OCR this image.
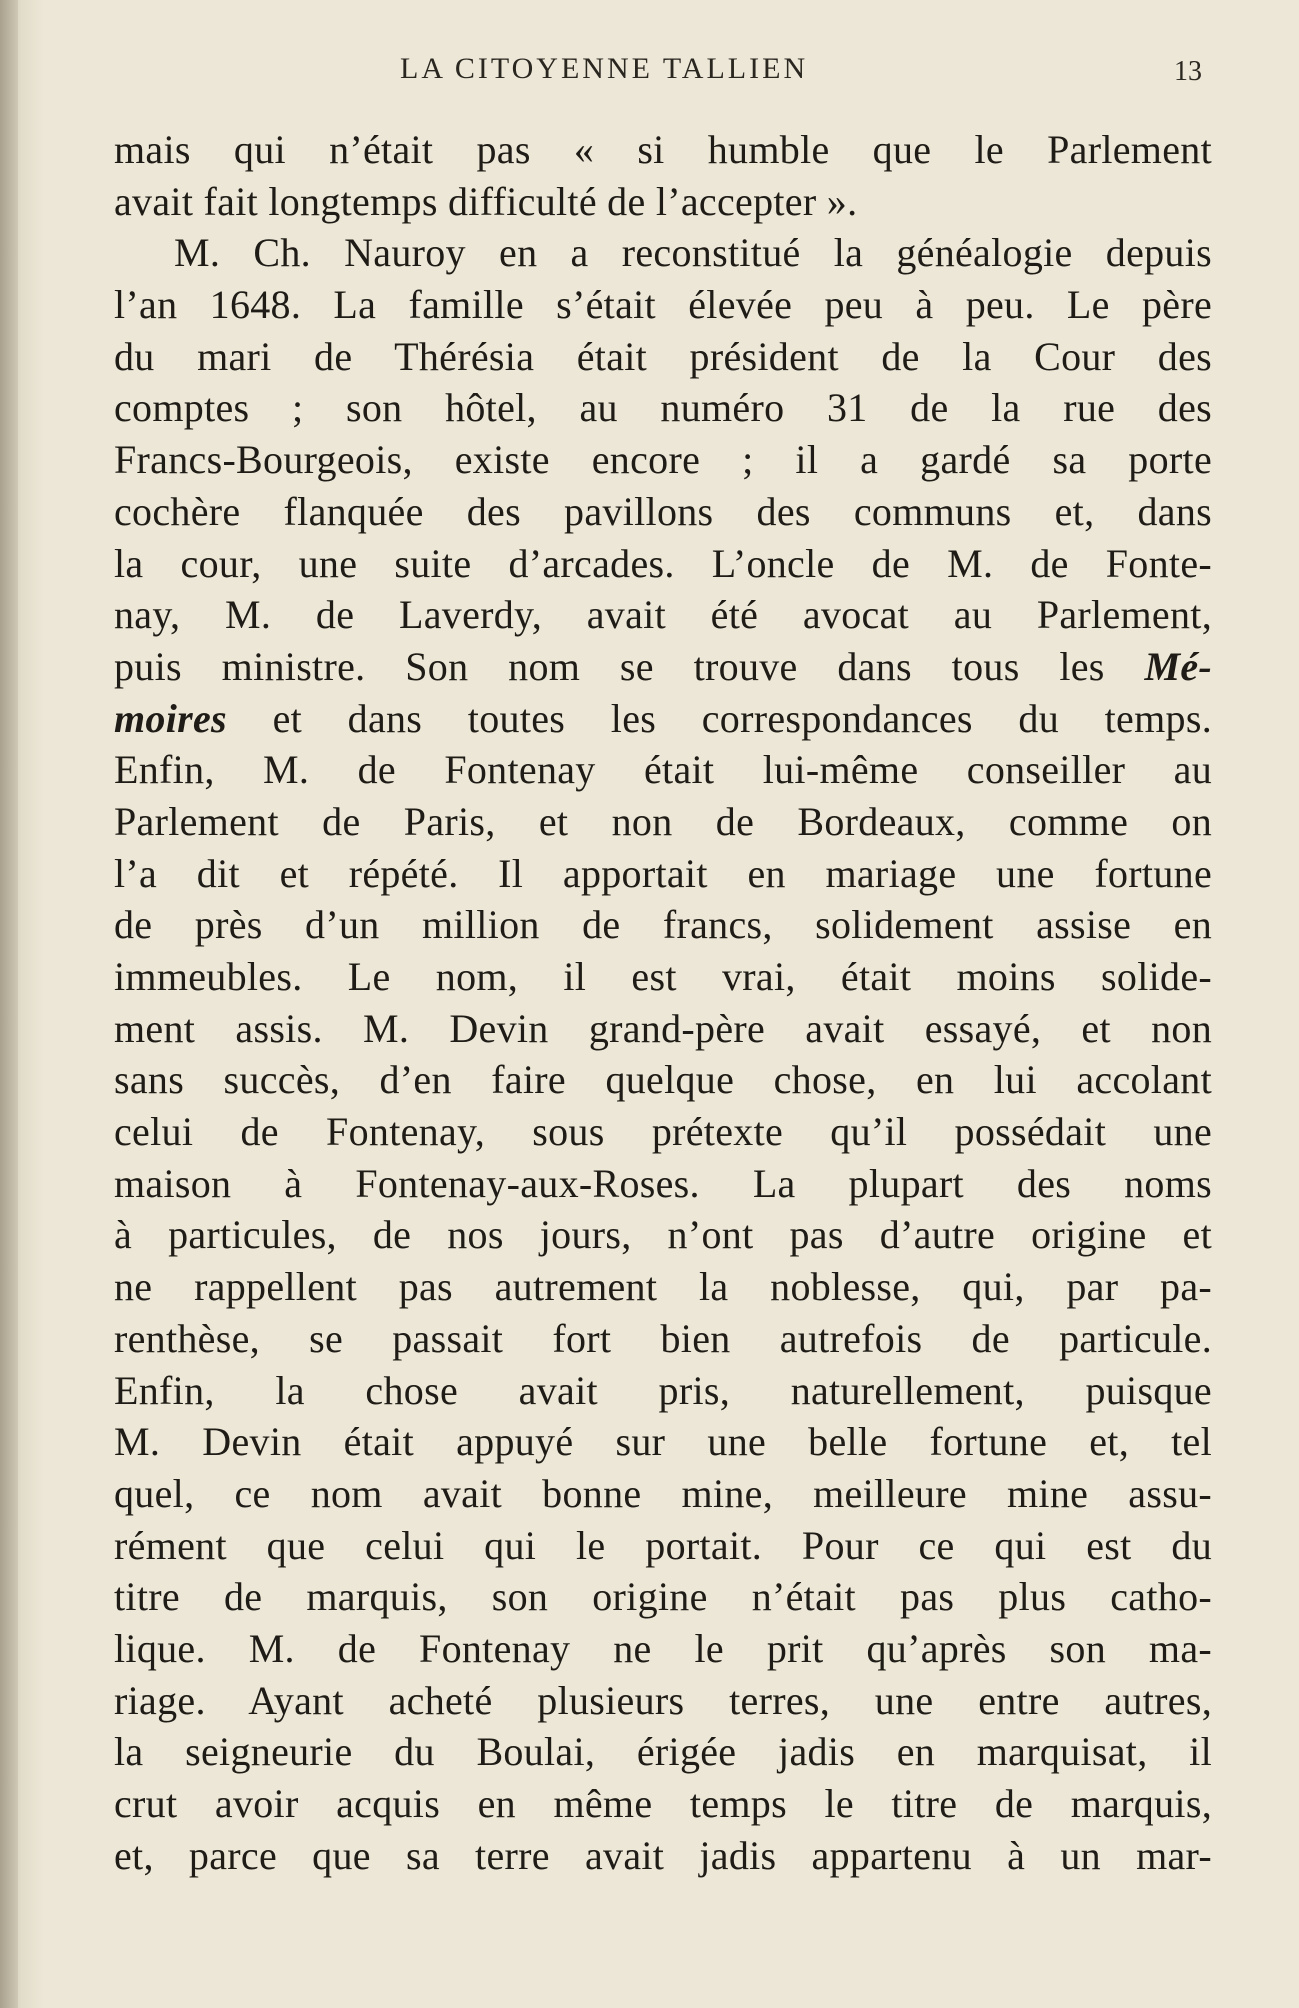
LA CITOYENNE TALLIEN	13
mais qui n’était pas « si humble que le Parlement
avait fait longtemps difficulté de l’accepter ».
M. Ch. Nauroy en a reconstitué la généalogie depuis
l’an 1648. La famille s’était élevée peu à peu. Le père
du mari de Thérésia était président de la Cour des
comptes ; son hôtel, au numéro 31 de la rue des
Francs-Bourgeois, existe encore ; il a gardé sa porte
cochère flanquée des pavillons des communs et, dans
la cour, une suite d’arcades. L’oncle de M. de Fonte-
nay, M. de Laverdy, avait été avocat au Parlement,
puis ministre. Son nom se trouve dans tous les Mé-
moires et dans toutes les correspondances du temps.
Enfin, M. de Fontenay était lui-même conseiller au
Parlement de Paris, et non de Bordeaux, comme on
l’a dit et répété. Il apportait en mariage une fortune
de près d’un million de francs, solidement assise en
immeubles. Le nom, il est vrai, était moins solide-
ment assis. M. Devin grand-père avait essayé, et non
sans succès, d’en faire quelque chose, en lui accolant
celui de Fontenay, sous prétexte qu’il possédait une
maison à Fontenay-aux-Roses. La plupart des noms
à particules, de nos jours, n’ont pas d’autre origine et
ne rappellent pas autrement la noblesse, qui, par pa-
renthèse, se passait fort bien autrefois de particule.
Enfin, la chose avait pris, naturellement, puisque
M. Devin était appuyé sur une belle fortune et, tel
quel, ce nom avait bonne mine, meilleure mine assu-
rément que celui qui le portait. Pour ce qui est du
titre de marquis, son origine n’était pas plus catho-
lique. M. de Fontenay ne le prit qu’après son ma-
riage. Ayant acheté plusieurs terres, une entre autres,
la seigneurie du Boulai, érigée jadis en marquisat, il
crut avoir acquis en même temps le titre de marquis,
et, parce que sa terre avait jadis appartenu à un mar-
